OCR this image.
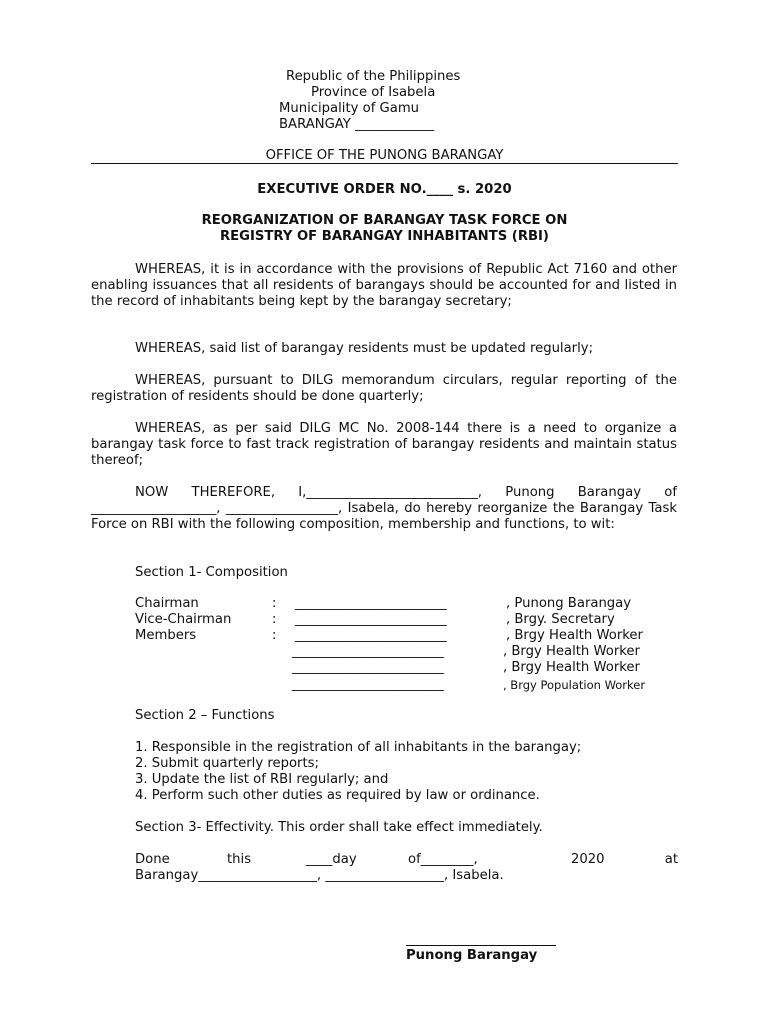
Republic of the Philippines
Province of Isabela
Municipality of Gamu
BARANGAY ____________
OFFICE OF THE PUNONG BARANGAY
EXECUTIVE ORDER NO.____ s. 2020
REORGANIZATION OF BARANGAY TASK FORCE ON
REGISTRY OF BARANGAY INHABITANTS (RBI)
WHEREAS, it is in accordance with the provisions of Republic Act 7160 and other enabling issuances that all residents of barangays should be accounted for and listed in the record of inhabitants being kept by the barangay secretary;
WHEREAS, said list of barangay residents must be updated regularly;
WHEREAS, pursuant to DILG memorandum circulars, regular reporting of the registration of residents should be done quarterly;
WHEREAS, as per said DILG MC No. 2008-144 there is a need to organize a barangay task force to fast track registration of barangay residents and maintain status thereof;
NOW THEREFORE, I,__________________________, Punong Barangay of ___________________, _________________, Isabela, do hereby reorganize the Barangay Task Force on RBI with the following composition, membership and functions, to wit:
Section 1- Composition
Chairman	: _______________________	, Punong Barangay
Vice-Chairman	: _______________________	, Brgy. Secretary
Members	: _______________________	, Brgy Health Worker
_______________________	, Brgy Health Worker
_______________________	, Brgy Health Worker
_______________________	, Brgy Population Worker
Section 2 – Functions
1. Responsible in the registration of all inhabitants in the barangay;
2. Submit quarterly reports;
3. Update the list of RBI regularly; and
4. Perform such other duties as required by law or ordinance.
Section 3- Effectivity. This order shall take effect immediately.
Done	this	____day	of________,	2020	at
Barangay__________________, __________________, Isabela.
Punong Barangay
